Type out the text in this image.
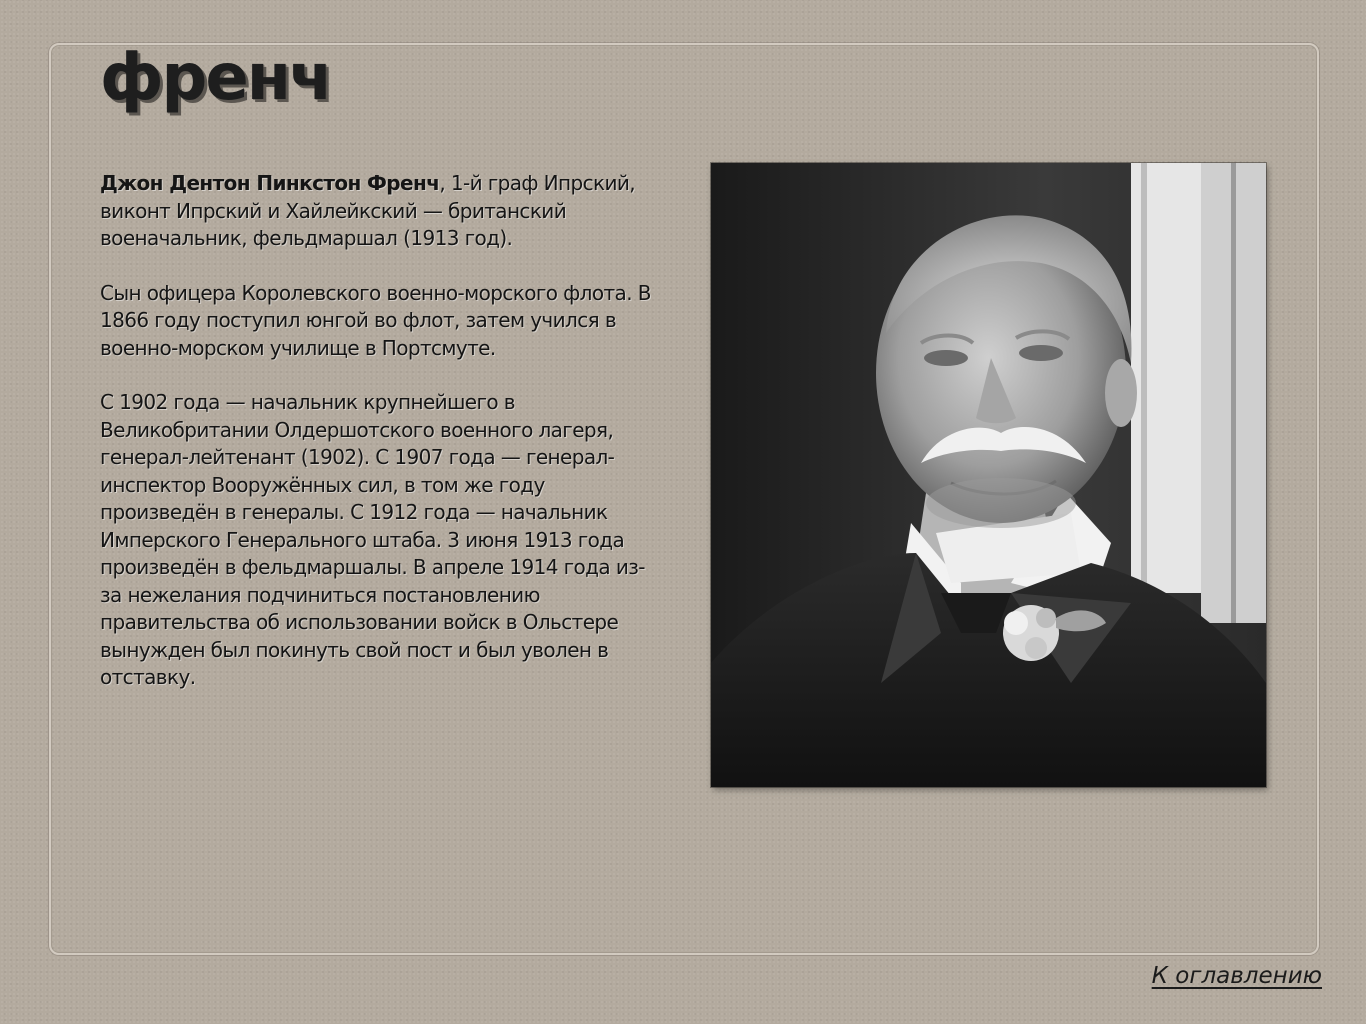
френч

Джон Дентон Пинкстон Френч, 1-й граф Ипрский, виконт Ипрский и Хайлейкский — британский военачальник, фельдмаршал (1913 год).

Сын офицера Королевского военно-морского флота. В 1866 году поступил юнгой во флот, затем учился в военно-морском училище в Портсмуте.

С 1902 года — начальник крупнейшего в Великобритании Олдершотского военного лагеря, генерал-лейтенант (1902). С 1907 года — генерал-инспектор Вооружённых сил, в том же году произведён в генералы. С 1912 года — начальник Имперского Генерального штаба. 3 июня 1913 года произведён в фельдмаршалы. В апреле 1914 года из-за нежелания подчиниться постановлению правительства об использовании войск в Ольстере вынужден был покинуть свой пост и был уволен в отставку.

К оглавлению
